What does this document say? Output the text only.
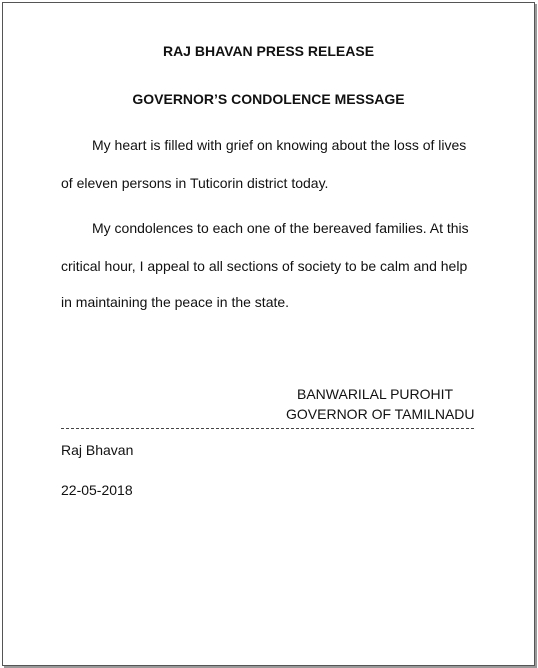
RAJ BHAVAN PRESS RELEASE
GOVERNOR’S CONDOLENCE MESSAGE
My heart is filled with grief on knowing about the loss of lives
of eleven persons in Tuticorin district today.
My condolences to each one of the bereaved families. At this
critical hour, I appeal to all sections of society to be calm and help
in maintaining the peace in the state.
BANWARILAL PUROHIT
GOVERNOR OF TAMILNADU
Raj Bhavan
22-05-2018
